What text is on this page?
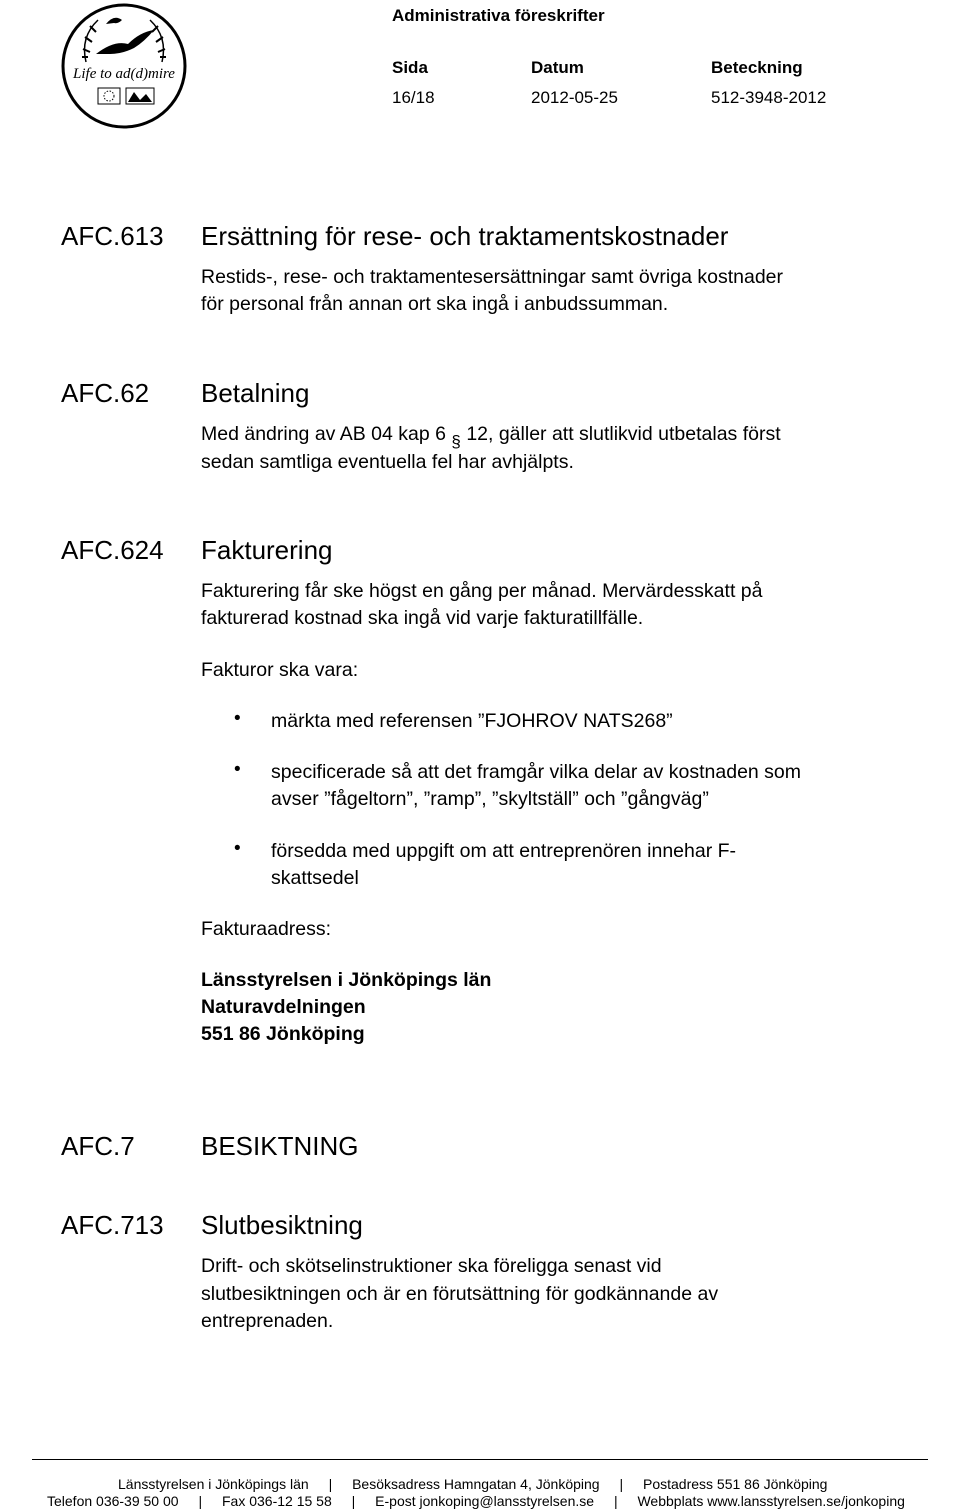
Life to ad(d)mire
Administrativa föreskrifter
Sida	Datum	Beteckning
16/18	2012-05-25	512-3948-2012
AFC.613 Ersättning för rese- och traktamentskostnader
Restids-, rese- och traktamentesersättningar samt övriga kostnader
för personal från annan ort ska ingå i anbudssumman.
AFC.62 Betalning
Med ändring av AB 04 kap 6 § 12, gäller att slutlikvid utbetalas först
sedan samtliga eventuella fel har avhjälpts.
AFC.624 Fakturering
Fakturering får ske högst en gång per månad. Mervärdesskatt på
fakturerad kostnad ska ingå vid varje fakturatillfälle.
Fakturor ska vara:
• märkta med referensen ”FJOHROV NATS268”
• specificerade så att det framgår vilka delar av kostnaden som
avser ”fågeltorn”, ”ramp”, ”skyltställ” och ”gångväg”
• försedda med uppgift om att entreprenören innehar F-
skattsedel
Fakturaadress:
Länsstyrelsen i Jönköpings län
Naturavdelningen
551 86 Jönköping
AFC.7	BESIKTNING
AFC.713 Slutbesiktning
Drift- och skötselinstruktioner ska föreligga senast vid
slutbesiktningen och är en förutsättning för godkännande av
entreprenaden.
Länsstyrelsen i Jönköpings län | Besöksadress Hamngatan 4, Jönköping | Postadress 551 86 Jönköping
Telefon 036-39 50 00 | Fax 036-12 15 58 | E-post jonkoping@lansstyrelsen.se | Webbplats www.lansstyrelsen.se/jonkoping
